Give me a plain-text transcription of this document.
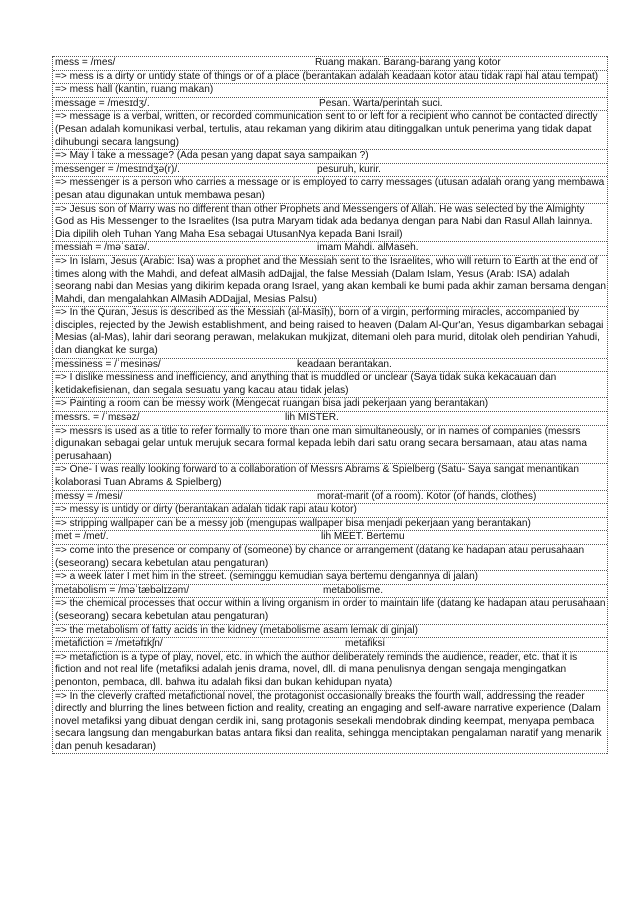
mess = /mes/	Ruang makan. Barang-barang yang kotor
=> mess is a dirty or untidy state of things or of a place (berantakan adalah keadaan kotor atau tidak rapi hal atau tempat)
=> mess hall (kantin, ruang makan)
message = /mesɪdʒ/.	Pesan. Warta/perintah suci.
=> message is a verbal, written, or recorded communication sent to or left for a recipient who cannot be contacted directly (Pesan adalah komunikasi verbal, tertulis, atau rekaman yang dikirim atau ditinggalkan untuk penerima yang tidak dapat dihubungi secara langsung)
=> May I take a message? (Ada pesan yang dapat saya sampaikan ?)
messenger = /mesɪndʒə(r)/.	pesuruh, kurir.
=> messenger is a person who carries a message or is employed to carry messages (utusan adalah orang yang membawa pesan atau digunakan untuk membawa pesan)
=> Jesus son of Marry was no different than other Prophets and Messengers of Allah. He was selected by the Almighty God as His Messenger to the Israelites (Isa putra Maryam tidak ada bedanya dengan para Nabi dan Rasul Allah lainnya. Dia dipilih oleh Tuhan Yang Maha Esa sebagai UtusanNya kepada Bani Israil)
messiah = /məˈsaɪə/.	imam Mahdi. alMaseh.
=> In Islam, Jesus (Arabic: Isa) was a prophet and the Messiah sent to the Israelites, who will return to Earth at the end of times along with the Mahdi, and defeat alMasih adDajjal, the false Messiah (Dalam Islam, Yesus (Arab: ISA) adalah seorang nabi dan Mesias yang dikirim kepada orang Israel, yang akan kembali ke bumi pada akhir zaman bersama dengan Mahdi, dan mengalahkan AlMasih ADDajjal, Mesias Palsu)
=> In the Quran, Jesus is described as the Messiah (al-Masīḥ), born of a virgin, performing miracles, accompanied by disciples, rejected by the Jewish establishment, and being raised to heaven (Dalam Al-Qur'an, Yesus digambarkan sebagai Mesias (al-Mas), lahir dari seorang perawan, melakukan mukjizat, ditemani oleh para murid, ditolak oleh pendirian Yahudi, dan diangkat ke surga)
messiness = /ˈmesinəs/	keadaan berantakan.
=> I dislike messiness and inefficiency, and anything that is muddled or unclear (Saya tidak suka kekacauan dan ketidakefisienan, dan segala sesuatu yang kacau atau tidak jelas)
=> Painting a room can be messy work (Mengecat ruangan bisa jadi pekerjaan yang berantakan)
messrs. = /ˈmɛsəz/	lih MISTER.
=> messrs is used as a title to refer formally to more than one man simultaneously, or in names of companies (messrs digunakan sebagai gelar untuk merujuk secara formal kepada lebih dari satu orang secara bersamaan, atau atas nama perusahaan)
=> One- I was really looking forward to a collaboration of Messrs Abrams & Spielberg (Satu- Saya sangat menantikan kolaborasi Tuan Abrams & Spielberg)
messy = /mesi/	morat-marit (of a room). Kotor (of hands, clothes)
=> messy is untidy or dirty (berantakan adalah tidak rapi atau kotor)
=> stripping wallpaper can be a messy job (mengupas wallpaper bisa menjadi pekerjaan yang berantakan)
met = /met/.	lih MEET. Bertemu
=> come into the presence or company of (someone) by chance or arrangement (datang ke hadapan atau perusahaan (seseorang) secara kebetulan atau pengaturan)
=> a week later I met him in the street. (seminggu kemudian saya bertemu dengannya di jalan)
metabolism = /məˈtæbəlɪzəm/	metabolisme.
=> the chemical processes that occur within a living organism in order to maintain life (datang ke hadapan atau perusahaan (seseorang) secara kebetulan atau pengaturan)
=> the metabolism of fatty acids in the kidney (metabolisme asam lemak di ginjal)
metafiction = /metəfɪkʃn/	metafiksi
=> metafiction is a type of play, novel, etc. in which the author deliberately reminds the audience, reader, etc. that it is fiction and not real life (metafiksi adalah jenis drama, novel, dll. di mana penulisnya dengan sengaja mengingatkan penonton, pembaca, dll. bahwa itu adalah fiksi dan bukan kehidupan nyata)
=> In the cleverly crafted metafictional novel, the protagonist occasionally breaks the fourth wall, addressing the reader directly and blurring the lines between fiction and reality, creating an engaging and self-aware narrative experience (Dalam novel metafiksi yang dibuat dengan cerdik ini, sang protagonis sesekali mendobrak dinding keempat, menyapa pembaca secara langsung dan mengaburkan batas antara fiksi dan realita, sehingga menciptakan pengalaman naratif yang menarik dan penuh kesadaran)
